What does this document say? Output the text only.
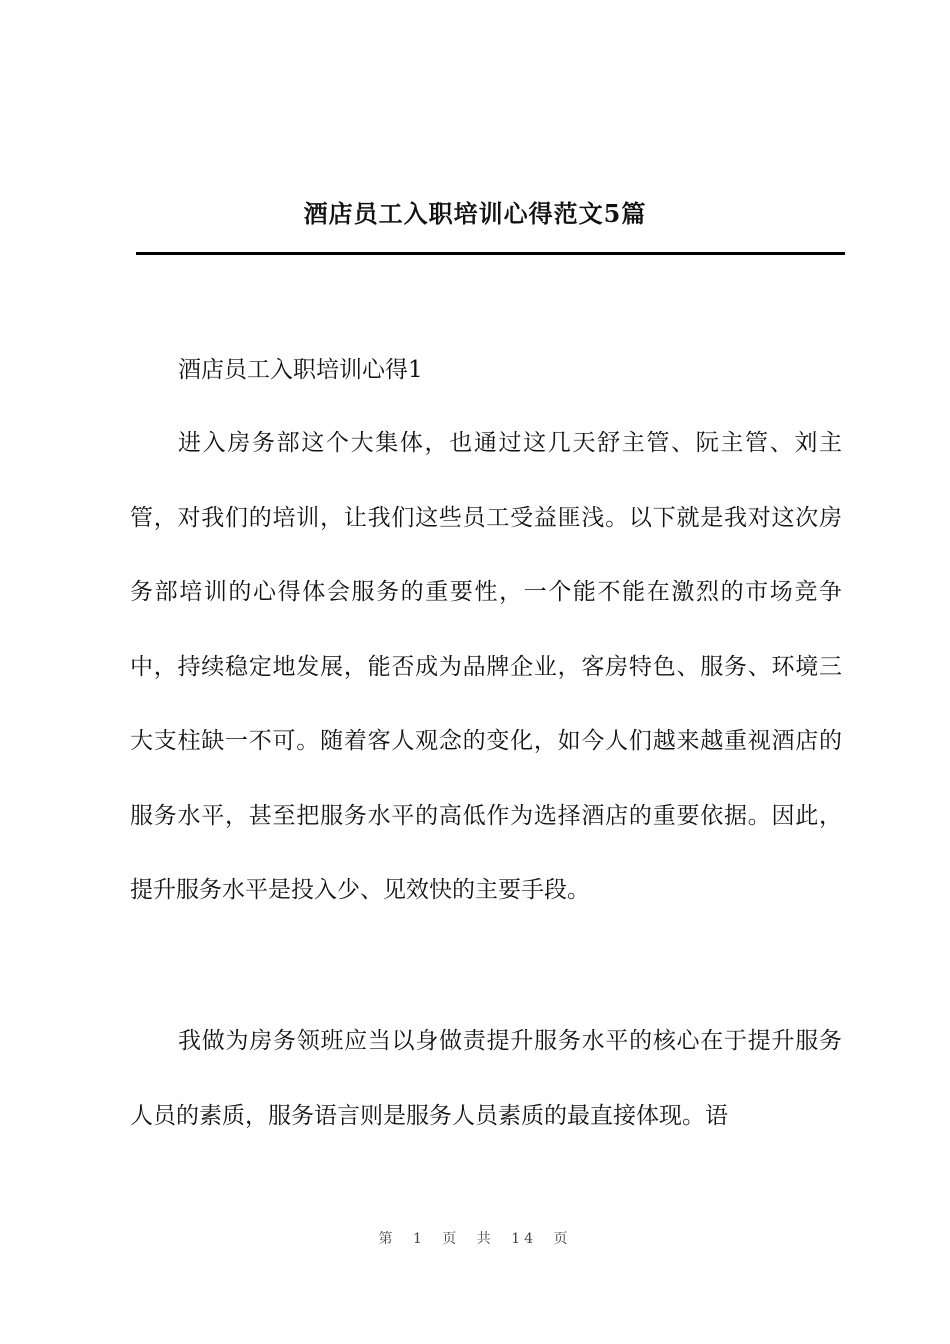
酒店员工入职培训心得范文5篇
酒店员工入职培训心得1

进入房务部这个大集体，也通过这几天舒主管、阮主管、刘主管，对我们的培训，让我们这些员工受益匪浅。以下就是我对这次房务部培训的心得体会服务的重要性，一个能不能在激烈的市场竞争中，持续稳定地发展，能否成为品牌企业，客房特色、服务、环境三大支柱缺一不可。随着客人观念的变化，如今人们越来越重视酒店的服务水平，甚至把服务水平的高低作为选择酒店的重要依据。因此，提升服务水平是投入少、见效快的主要手段。

我做为房务领班应当以身做责提升服务水平的核心在于提升服务人员的素质，服务语言则是服务人员素质的最直接体现。语

第 1 页 共 14 页
